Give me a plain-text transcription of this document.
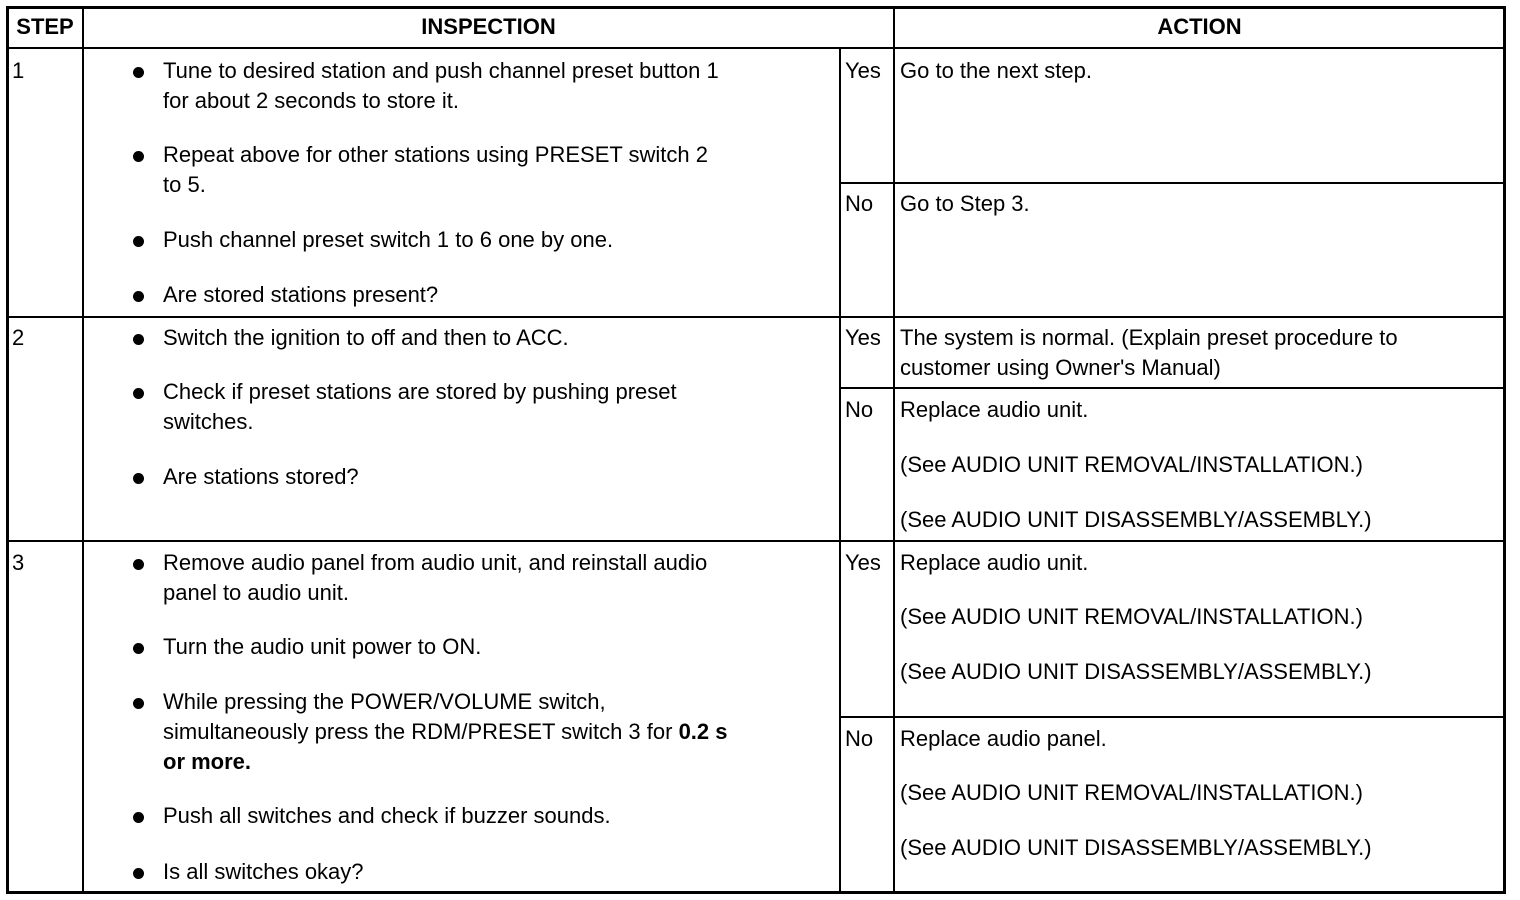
STEP	INSPECTION	ACTION
1	Tune to desired station and push channel preset button 1
for about 2 seconds to store it.
Repeat above for other stations using PRESET switch 2
to 5.
Push channel preset switch 1 to 6 one by one.
Are stored stations present?
Yes Go to the next step.
No Go to Step 3.
2	Switch the ignition to off and then to ACC.
Check if preset stations are stored by pushing preset
switches.
Are stations stored?
Yes The system is normal. (Explain preset procedure to
customer using Owner's Manual)
No Replace audio unit.
(See AUDIO UNIT REMOVAL/INSTALLATION.)
(See AUDIO UNIT DISASSEMBLY/ASSEMBLY.)
3	Remove audio panel from audio unit, and reinstall audio
panel to audio unit.
Turn the audio unit power to ON.
While pressing the POWER/VOLUME switch,
simultaneously press the RDM/PRESET switch 3 for 0.2 s
or more.
Push all switches and check if buzzer sounds.
Is all switches okay?
Yes Replace audio unit.
(See AUDIO UNIT REMOVAL/INSTALLATION.)
(See AUDIO UNIT DISASSEMBLY/ASSEMBLY.)
No Replace audio panel.
(See AUDIO UNIT REMOVAL/INSTALLATION.)
(See AUDIO UNIT DISASSEMBLY/ASSEMBLY.)
